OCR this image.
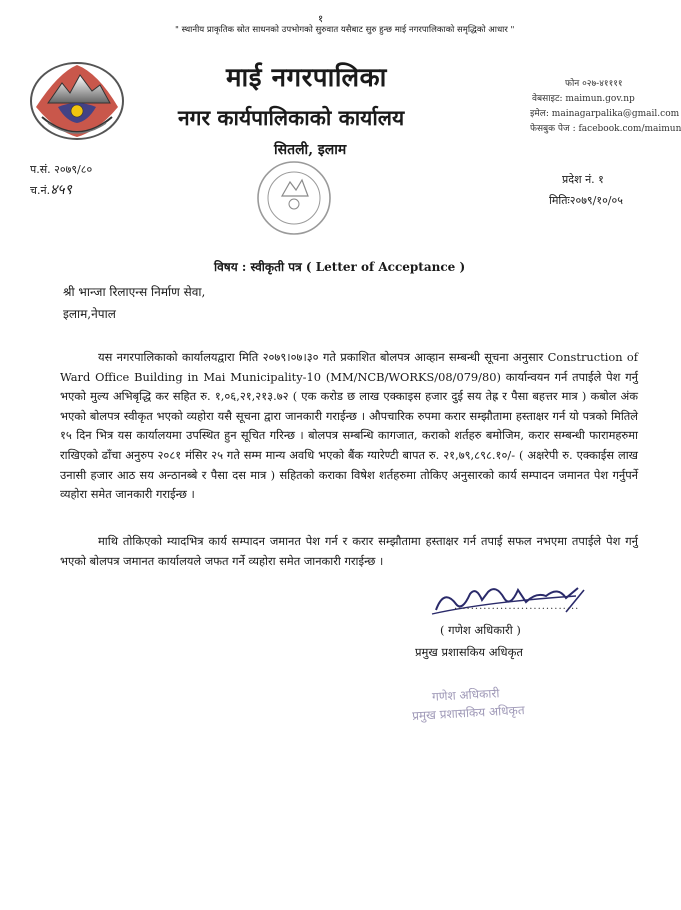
१
" स्थानीय प्राकृतिक स्रोत साधनको उपभोगको सुरुवात यसैबाट सुरु हुन्छ माई नगरपालिकाको समृद्धिको आधार "
माई नगरपालिका
नगर कार्यपालिकाको कार्यालय
सितली, इलाम
फोन ०२७-४११११
वेबसाइट: maimun.gov.np
इमेल: mainagarpalika@gmail.com
फेसबुक पेज : facebook.com/maimun
प.सं. २०७९/८०
च.नं.४५९
प्रदेश नं. १
मितिः२०७९/१०/०५
विषय : स्वीकृती पत्र ( Letter of Acceptance )
श्री भान्जा रिलाएन्स निर्माण सेवा,
इलाम,नेपाल
यस नगरपालिकाको कार्यालयद्वारा मिति २०७९।०७।३० गते प्रकाशित बोलपत्र आव्हान सम्बन्धी सूचना अनुसार Construction of Ward Office Building in Mai Municipality-10 (MM/NCB/WORKS/08/079/80) कार्यान्वयन गर्न तपाईले पेश गर्नु भएको मुल्य अभिबृद्धि कर सहित रु. १,०६,२१,२१३.७२ ( एक करोड छ लाख एक्काइस हजार दुई सय तेह्र र पैसा बहत्तर मात्र ) कबोल अंक भएको बोलपत्र स्वीकृत भएको व्यहोरा यसै सूचना द्वारा जानकारी गराईन्छ । औपचारिक रुपमा करार सम्झौतामा हस्ताक्षर गर्न यो पत्रको मितिले १५ दिन भित्र यस कार्यालयमा उपस्थित हुन सूचित गरिन्छ । बोलपत्र सम्बन्धि कागजात, कराको शर्तहरु बमोजिम, करार सम्बन्धी फारामहरुमा राखिएको ढाँचा अनुरुप २०८१ मंसिर २५ गते सम्म मान्य अवधि भएको बैंक ग्यारेण्टी बापत रु. २१,७९,८९८.१०/- ( अक्षरेपी रु. एक्काईस लाख उनासी हजार आठ सय अन्ठानब्बे र पैसा दस मात्र ) सहितको कराका विषेश शर्तहरुमा तोकिए अनुसारको कार्य सम्पादन जमानत पेश गर्नुपर्ने व्यहोरा समेत जानकारी गराईन्छ ।
माथि तोकिएको म्यादभित्र कार्य सम्पादन जमानत पेश गर्न र करार सम्झौतामा हस्ताक्षर गर्न तपाई सफल नभएमा तपाईले पेश गर्नु भएको बोलपत्र जमानत कार्यालयले जफत गर्ने व्यहोरा समेत जानकारी गराईन्छ ।
..............................
( गणेश अधिकारी )
प्रमुख प्रशासकिय अधिकृत
गणेश अधिकारी
प्रमुख प्रशासकिय अधिकृत
